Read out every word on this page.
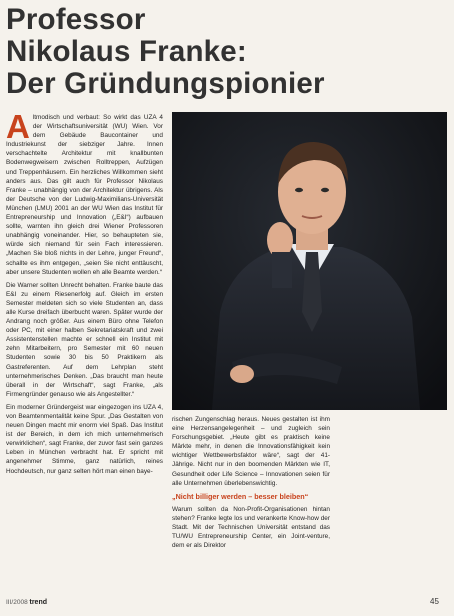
Professor
Nikolaus Franke:
Der Gründungspionier

Altmodisch und verbaut: So wirkt das UZA 4 der Wirtschaftsuniversität (WU) Wien. Vor dem Gebäude Baucontainer und Industriekunst der siebziger Jahre. Innen verschachtelte Architektur mit knallbunten Bodenwegweisern zwischen Rolltreppen, Aufzügen und Treppenhäusern. Ein herzliches Willkommen sieht anders aus. Das gilt auch für Professor Nikolaus Franke – unabhängig von der Architektur übrigens. Als der Deutsche von der Ludwig-Maximilians-Universität München (LMU) 2001 an der WU Wien das Institut für Entrepreneurship und Innovation („E&I“) aufbauen sollte, warnten ihn gleich drei Wiener Professoren unabhängig voneinander. Hier, so behaupteten sie, würde sich niemand für sein Fach interessieren. „Machen Sie bloß nichts in der Lehre, junger Freund“, schallte es ihm entgegen, „seien Sie nicht enttäuscht, aber unsere Studenten wollen eh alle Beamte werden.“

Die Warner sollten Unrecht behalten. Franke baute das E&I zu einem Riesenerfolg auf. Gleich im ersten Semester meldeten sich so viele Studenten an, dass alle Kurse dreifach überbucht waren. Später wurde der Andrang noch größer. Aus einem Büro ohne Telefon oder PC, mit einer halben Sekretariatskraft und zwei Assistentenstellen machte er schnell ein Institut mit zehn Mitarbeitern, pro Semester mit 60 neuen Studenten sowie 30 bis 50 Praktikern als Gastreferenten. Auf dem Lehrplan steht unternehmerisches Denken. „Das braucht man heute überall in der Wirtschaft“, sagt Franke, „als Firmengründer genauso wie als Angestellter.“

Ein moderner Gründergeist war eingezogen ins UZA 4, von Beamtenmentalität keine Spur. „Das Gestalten von neuen Dingen macht mir enorm viel Spaß. Das Institut ist der Bereich, in dem ich mich unternehmerisch verwirklichen“, sagt Franke, der zuvor fast sein ganzes Leben in München verbracht hat. Er spricht mit angenehmer Stimme, ganz natürlich, reines Hochdeutsch, nur ganz selten hört man einen baye-

rischen Zungenschlag heraus. Neues gestalten ist ihm eine Herzensangelegenheit – und zugleich sein Forschungsgebiet. „Heute gibt es praktisch keine Märkte mehr, in denen die Innovationsfähigkeit kein wichtiger Wettbewerbsfaktor wäre“, sagt der 41-Jährige. Nicht nur in den boomenden Märkten wie IT, Gesundheit oder Life Science – Innovationen seien für alle Unternehmen überlebenswichtig.

„Nicht billiger werden – besser bleiben“

Warum sollten da Non-Profit-Organisationen hintan stehen? Franke legte los und verankerte Know-how der Stadt. Mit der Technischen Universität entstand das TU/WU Entrepreneurship Center, ein Joint-venture, dem er als Direktor

III/2008 trend	45
